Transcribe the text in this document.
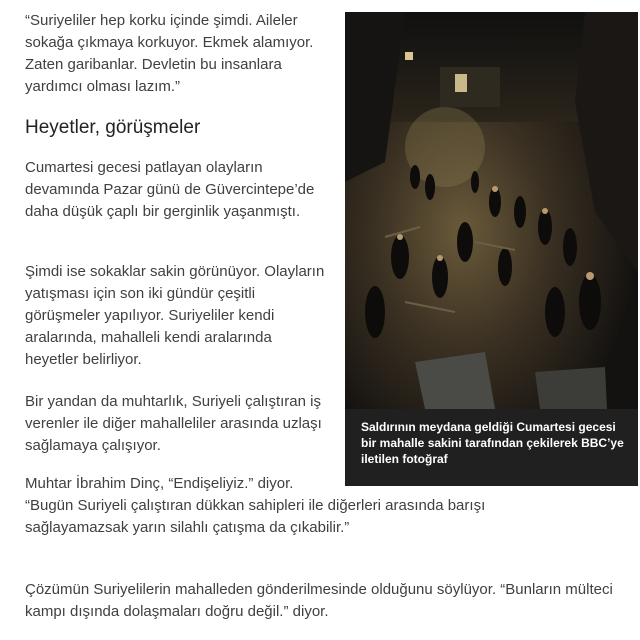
“Suriyeliler hep korku içinde şimdi. Aileler sokağa çıkmaya korkuyor. Ekmek alamıyor. Zaten garibanlar. Devletin bu insanlara yardımcı olması lazım.”

Heyetler, görüşmeler

Cumartesi gecesi patlayan olayların devamında Pazar günü de Güvercintepe’de daha düşük çaplı bir gerginlik yaşanmıştı.

Şimdi ise sokaklar sakin görünüyor. Olayların yatışması için son iki gündür çeşitli görüşmeler yapılıyor. Suriyeliler kendi aralarında, mahalleli kendi aralarında heyetler belirliyor.

Bir yandan da muhtarlık, Suriyeli çalıştıran iş verenler ile diğer mahalleliler arasında uzlaşı sağlamaya çalışıyor.

Muhtar İbrahim Dinç, “Endişeliyiz.” diyor.

“Bugün Suriyeli çalıştıran dükkan sahipleri ile diğerleri arasında barışı sağlayamazsak yarın silahlı çatışma da çıkabilir.”

Çözümün Suriyelilerin mahalleden gönderilmesinde olduğunu söylüyor. “Bunların mülteci kampı dışında dolaşmaları doğru değil.” diyor.

Saldırının meydana geldiği Cumartesi gecesi bir mahalle sakini tarafından çekilerek BBC’ye iletilen fotoğraf
